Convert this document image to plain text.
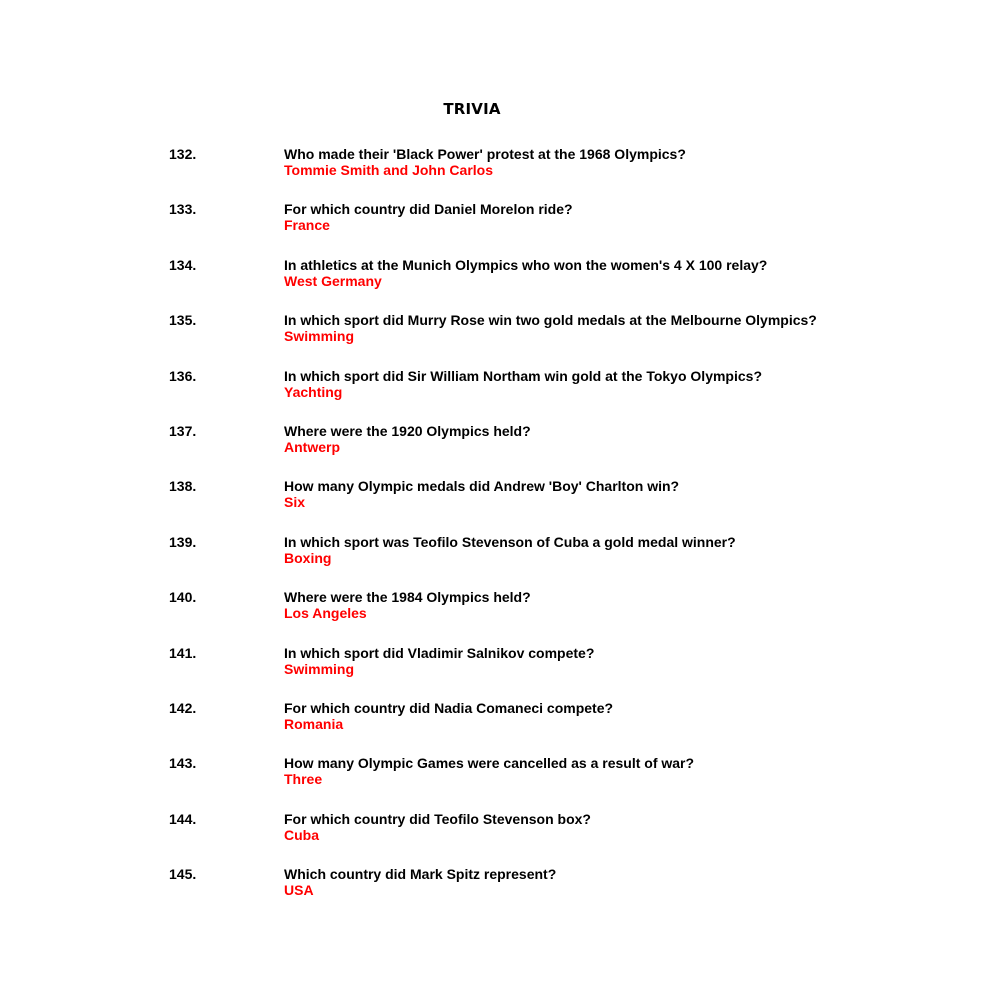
TRIVIA
132.	Who made their 'Black Power' protest at the 1968 Olympics?
Tommie Smith and John Carlos
133.	For which country did Daniel Morelon ride?
France
134.	In athletics at the Munich Olympics who won the women's 4 X 100 relay?
West Germany
135.	In which sport did Murry Rose win two gold medals at the Melbourne Olympics?
Swimming
136.	In which sport did Sir William Northam win gold at the Tokyo Olympics?
Yachting
137.	Where were the 1920 Olympics held?
Antwerp
138.	How many Olympic medals did Andrew 'Boy' Charlton win?
Six
139.	In which sport was Teofilo Stevenson of Cuba a gold medal winner?
Boxing
140.	Where were the 1984 Olympics held?
Los Angeles
141.	In which sport did Vladimir Salnikov compete?
Swimming
142.	For which country did Nadia Comaneci compete?
Romania
143.	How many Olympic Games were cancelled as a result of war?
Three
144.	For which country did Teofilo Stevenson box?
Cuba
145.	Which country did Mark Spitz represent?
USA
